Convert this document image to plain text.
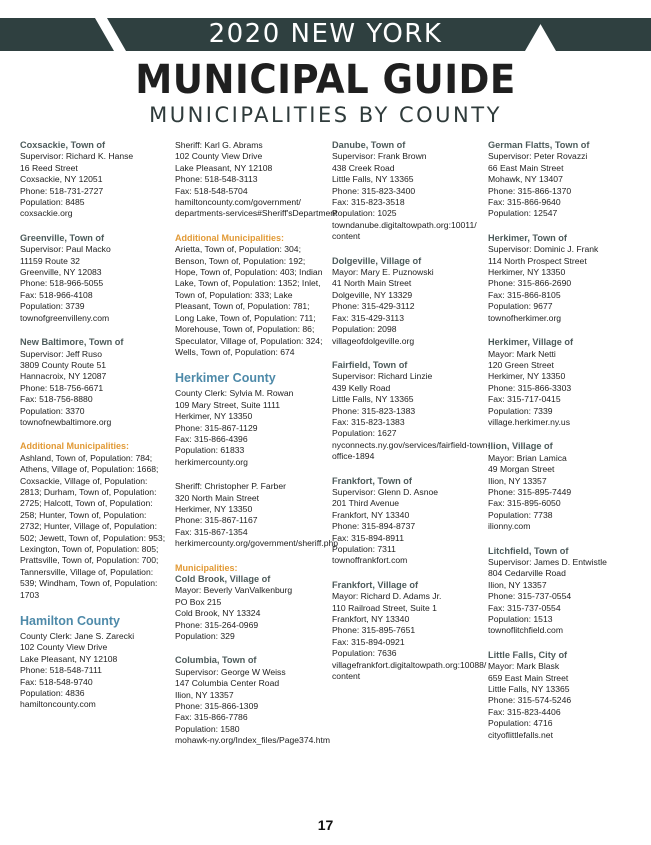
2020 NEW YORK
MUNICIPAL GUIDE
MUNICIPALITIES BY COUNTY
Coxsackie, Town of
Supervisor: Richard K. Hanse
16 Reed Street
Coxsackie, NY 12051
Phone: 518-731-2727
Population: 8485
coxsackie.org
Greenville, Town of
Supervisor: Paul Macko
11159 Route 32
Greenville, NY 12083
Phone: 518-966-5055
Fax: 518-966-4108
Population: 3739
townofgreenvilleny.com
New Baltimore, Town of
Supervisor: Jeff Ruso
3809 County Route 51
Hannacroix, NY 12087
Phone: 518-756-6671
Fax: 518-756-8880
Population: 3370
townofnewbaltimore.org
Additional Municipalities:
Ashland, Town of, Population: 784; Athens, Village of, Population: 1668; Coxsackie, Village of, Population: 2813; Durham, Town of, Population: 2725; Halcott, Town of, Population: 258; Hunter, Town of, Population: 2732; Hunter, Village of, Population: 502; Jewett, Town of, Population: 953; Lexington, Town of, Population: 805; Prattsville, Town of, Population: 700; Tannersville, Village of, Population: 539; Windham, Town of, Population: 1703
Hamilton County
County Clerk: Jane S. Zarecki
102 County View Drive
Lake Pleasant, NY 12108
Phone: 518-548-7111
Fax: 518-548-9740
Population: 4836
hamiltoncounty.com
Sheriff: Karl G. Abrams
102 County View Drive
Lake Pleasant, NY 12108
Phone: 518-548-3113
Fax: 518-548-5704
hamiltoncounty.com/government/
departments-services#Sheriff'sDepartment
Additional Municipalities:
Arietta, Town of, Population: 304; Benson, Town of, Population: 192; Hope, Town of, Population: 403; Indian Lake, Town of, Population: 1352; Inlet, Town of, Population: 333; Lake Pleasant, Town of, Population: 781; Long Lake, Town of, Population: 711; Morehouse, Town of, Population: 86; Speculator, Village of, Population: 324; Wells, Town of, Population: 674
Herkimer County
County Clerk: Sylvia M. Rowan
109 Mary Street, Suite 1111
Herkimer, NY 13350
Phone: 315-867-1129
Fax: 315-866-4396
Population: 61833
herkimercounty.org
Sheriff: Christopher P. Farber
320 North Main Street
Herkimer, NY 13350
Phone: 315-867-1167
Fax: 315-867-1354
herkimercounty.org/government/sheriff.php
Municipalities:
Cold Brook, Village of
Mayor: Beverly VanValkenburg
PO Box 215
Cold Brook, NY 13324
Phone: 315-264-0969
Population: 329
Columbia, Town of
Supervisor: George W Weiss
147 Columbia Center Road
Ilion, NY 13357
Phone: 315-866-1309
Fax: 315-866-7786
Population: 1580
mohawk-ny.org/Index_files/Page374.htm
Danube, Town of
Supervisor: Frank Brown
438 Creek Road
Little Falls, NY 13365
Phone: 315-823-3400
Fax: 315-823-3518
Population: 1025
towndanube.digitaltowpath.org:10011/
content
Dolgeville, Village of
Mayor: Mary E. Puznowski
41 North Main Street
Dolgeville, NY 13329
Phone: 315-429-3112
Fax: 315-429-3113
Population: 2098
villageofdolgeville.org
Fairfield, Town of
Supervisor: Richard Linzie
439 Kelly Road
Little Falls, NY 13365
Phone: 315-823-1383
Fax: 315-823-1383
Population: 1627
nyconnects.ny.gov/services/fairfield-town-
office-1894
Frankfort, Town of
Supervisor: Glenn D. Asnoe
201 Third Avenue
Frankfort, NY 13340
Phone: 315-894-8737
Fax: 315-894-8911
Population: 7311
townoffrankfort.com
Frankfort, Village of
Mayor: Richard D. Adams Jr.
110 Railroad Street, Suite 1
Frankfort, NY 13340
Phone: 315-895-7651
Fax: 315-894-0921
Population: 7636
villagefrankfort.digitaltowpath.org:10088/
content
German Flatts, Town of
Supervisor: Peter Rovazzi
66 East Main Street
Mohawk, NY 13407
Phone: 315-866-1370
Fax: 315-866-9640
Population: 12547
Herkimer, Town of
Supervisor: Dominic J. Frank
114 North Prospect Street
Herkimer, NY 13350
Phone: 315-866-2690
Fax: 315-866-8105
Population: 9677
townofherkimer.org
Herkimer, Village of
Mayor: Mark Netti
120 Green Street
Herkimer, NY 13350
Phone: 315-866-3303
Fax: 315-717-0415
Population: 7339
village.herkimer.ny.us
Ilion, Village of
Mayor: Brian Lamica
49 Morgan Street
Ilion, NY 13357
Phone: 315-895-7449
Fax: 315-895-6050
Population: 7738
ilionny.com
Litchfield, Town of
Supervisor: James D. Entwistle
804 Cedarville Road
Ilion, NY 13357
Phone: 315-737-0554
Fax: 315-737-0554
Population: 1513
townoflitchfield.com
Little Falls, City of
Mayor: Mark Blask
659 East Main Street
Little Falls, NY 13365
Phone: 315-574-5246
Fax: 315-823-4406
Population: 4716
cityoflittlefalls.net
17
